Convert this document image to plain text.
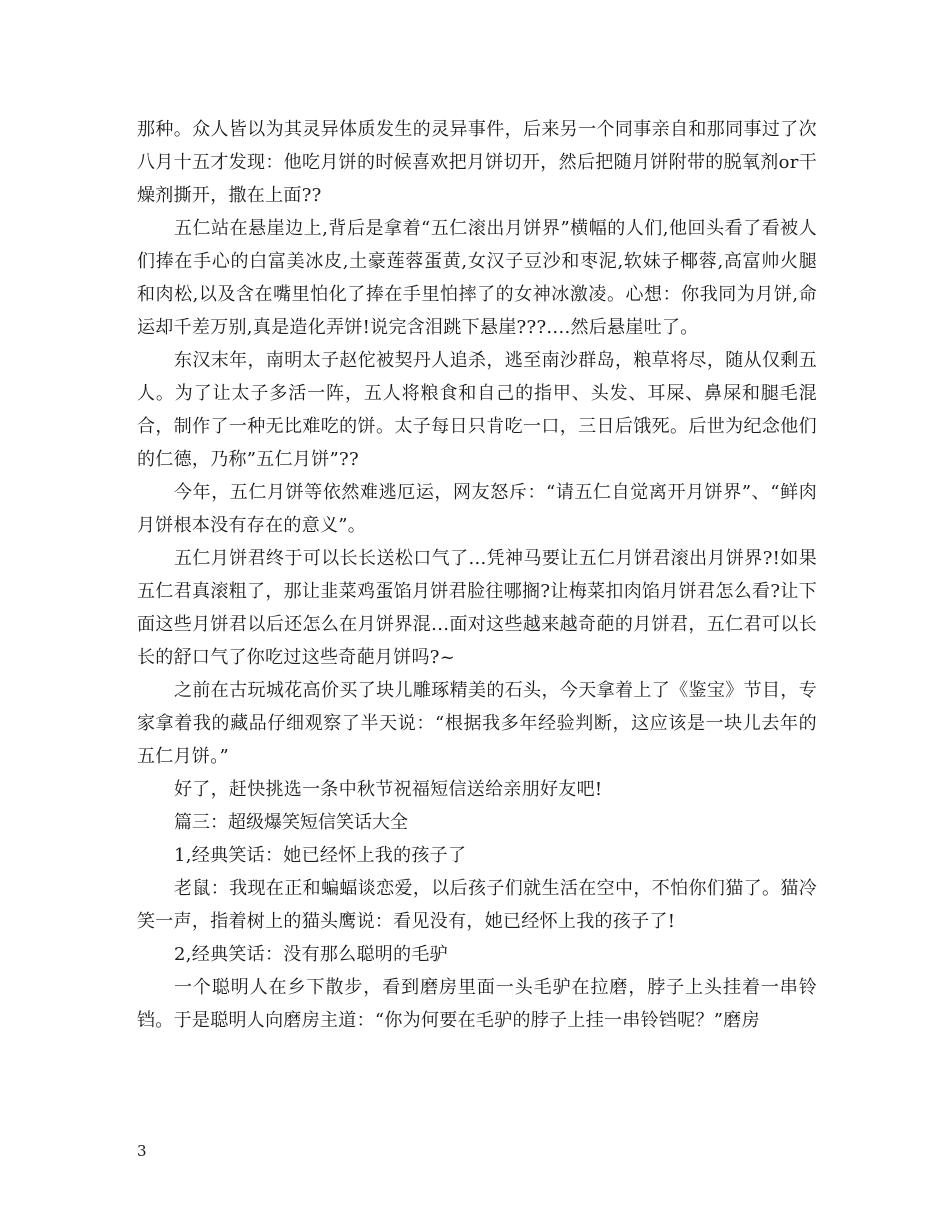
那种。众人皆以为其灵异体质发生的灵异事件，后来另一个同事亲自和那同事过了次八月十五才发现：他吃月饼的时候喜欢把月饼切开，然后把随月饼附带的脱氧剂or干燥剂撕开，撒在上面??

五仁站在悬崖边上,背后是拿着“五仁滚出月饼界”横幅的人们,他回头看了看被人们捧在手心的白富美冰皮,土豪莲蓉蛋黄,女汉子豆沙和枣泥,软妹子椰蓉,高富帅火腿和肉松,以及含在嘴里怕化了捧在手里怕摔了的女神冰激凌。心想：你我同为月饼,命运却千差万别,真是造化弄饼!说完含泪跳下悬崖???....然后悬崖吐了。

东汉末年，南明太子赵佗被契丹人追杀，逃至南沙群岛，粮草将尽，随从仅剩五人。为了让太子多活一阵，五人将粮食和自己的指甲、头发、耳屎、鼻屎和腿毛混合，制作了一种无比难吃的饼。太子每日只肯吃一口，三日后饿死。后世为纪念他们的仁德，乃称”五仁月饼”??

今年，五仁月饼等依然难逃厄运，网友怒斥：“请五仁自觉离开月饼界”、“鲜肉月饼根本没有存在的意义”。

五仁月饼君终于可以长长送松口气了...凭神马要让五仁月饼君滚出月饼界?!如果五仁君真滚粗了，那让韭菜鸡蛋馅月饼君脸往哪搁?让梅菜扣肉馅月饼君怎么看?让下面这些月饼君以后还怎么在月饼界混...面对这些越来越奇葩的月饼君，五仁君可以长长的舒口气了你吃过这些奇葩月饼吗?~

之前在古玩城花高价买了块儿雕琢精美的石头，今天拿着上了《鉴宝》节目，专家拿着我的藏品仔细观察了半天说：“根据我多年经验判断，这应该是一块儿去年的五仁月饼。”

好了，赶快挑选一条中秋节祝福短信送给亲朋好友吧!

篇三：超级爆笑短信笑话大全

1,经典笑话：她已经怀上我的孩子了

老鼠：我现在正和蝙蝠谈恋爱，以后孩子们就生活在空中，不怕你们猫了。猫冷笑一声，指着树上的猫头鹰说：看见没有，她已经怀上我的孩子了!

2,经典笑话：没有那么聪明的毛驴

一个聪明人在乡下散步，看到磨房里面一头毛驴在拉磨，脖子上头挂着一串铃铛。于是聪明人向磨房主道：“你为何要在毛驴的脖子上挂一串铃铛呢？”磨房

3
